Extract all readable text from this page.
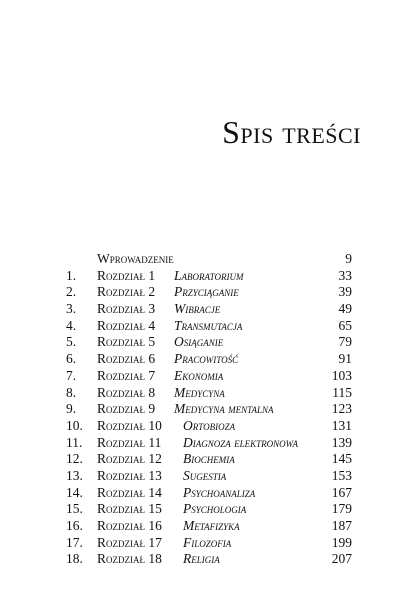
Spis treści
Wprowadzenie	9
1.	Rozdział 1 Laboratorium	33
2.	Rozdział 2 Przyciąganie	39
3.	Rozdział 3 Wibracje	49
4.	Rozdział 4 Transmutacja	65
5.	Rozdział 5 Osiąganie	79
6.	Rozdział 6 Pracowitość	91
7.	Rozdział 7 Ekonomia	103
8.	Rozdział 8 Medycyna	115
9.	Rozdział 9 Medycyna mentalna	123
10.	Rozdział 10 Ortobioza	131
11.	Rozdział 11 Diagnoza elektronowa	139
12.	Rozdział 12 Biochemia	145
13.	Rozdział 13 Sugestia	153
14.	Rozdział 14 Psychoanaliza	167
15.	Rozdział 15 Psychologia	179
16.	Rozdział 16 Metafizyka	187
17.	Rozdział 17 Filozofia	199
18.	Rozdział 18 Religia	207
